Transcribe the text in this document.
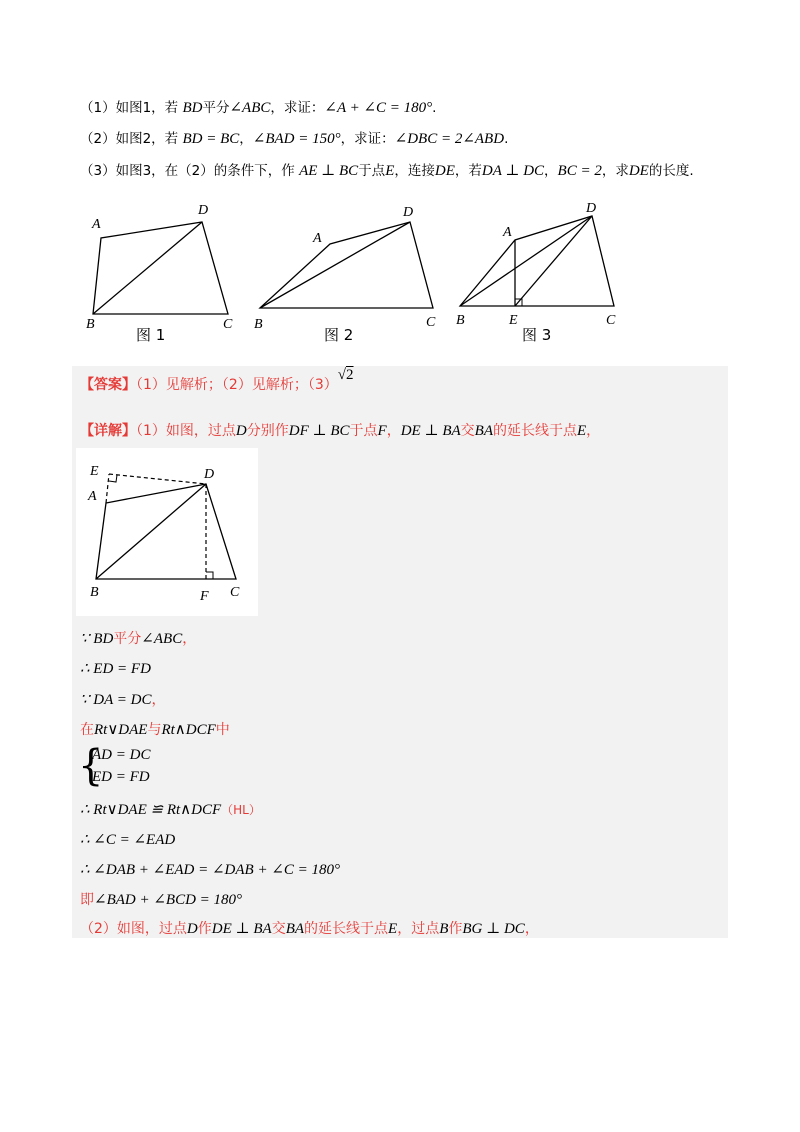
（1）如图1，若 BD平分∠ABC，求证：∠A + ∠C = 180°.
（2）如图2，若 BD = BC，∠BAD = 150°，求证：∠DBC = 2∠ABD.
（3）如图3，在（2）的条件下，作 AE ⊥ BC于点E，连接DE，若DA ⊥ DC，BC = 2，求DE的长度.
A
D
B	C
图 1
A
D
B	C
图 2
A
D
B	E	C
图 3
【答案】（1）见解析；（2）见解析；（3）√2
【详解】（1）如图，过点D分别作DF ⊥ BC于点F，DE ⊥ BA交BA的延长线于点E，
E
A
D
B	F C
∵ BD平分∠ABC，
∴ ED = FD
∵ DA = DC，
在Rt∨DAE与Rt∧DCF中
{
AD = DC
ED = FD
∴ Rt∨DAE ≌ Rt∧DCF（HL）
∴ ∠C = ∠EAD
∴ ∠DAB + ∠EAD = ∠DAB + ∠C = 180°
即∠BAD + ∠BCD = 180°
（2）如图，过点D作DE ⊥ BA交BA的延长线于点E，过点B作BG ⊥ DC，
